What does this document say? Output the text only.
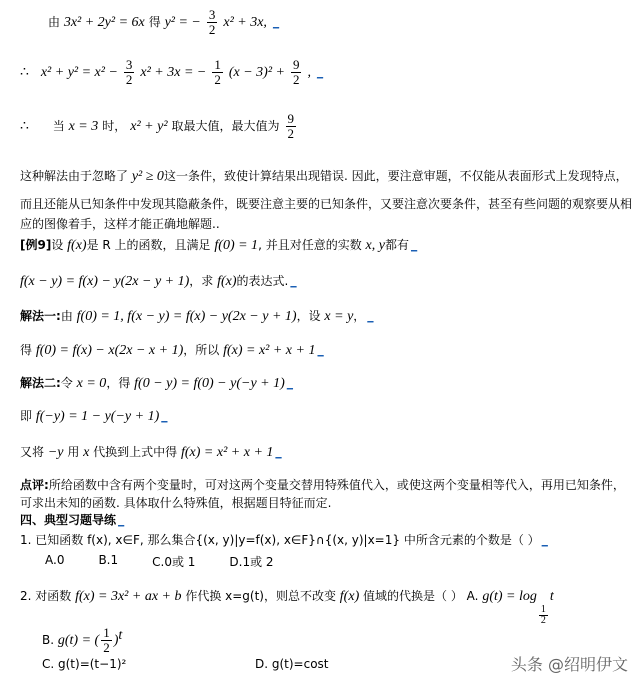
由 3x² + 2y² = 6x 得 y² = − $\frac{3}{2} x^2 + 3x$, _
∴ $x^2 + y^2 = x^2 - \frac{3}{2} x^2 + 3x$ = − $\frac{1}{2} (x - 3)^2 + \frac{9}{2}$ , _
∴ 当 x = 3 时， x² + y² 取最大值，最大值为 $\frac{9}{2}$
这种解法由于忽略了 y² ≥ 0这一条件，致使计算结果出现错误. 因此，要注意审题，不仅能从表面形式上发现特点，
而且还能从已知条件中发现其隐蔽条件，既要注意主要的已知条件，又要注意次要条件，甚至有些问题的观察要从相
应的图像着手，这样才能正确地解题..
[例9]设 f(x)是 R 上的函数，且满足 f(0) = 1, 并且对任意的实数 x, y都有 _
f(x − y) = f(x) − y(2x − y + 1)，求 f(x)的表达式. _
解法一:由 f(0) = 1, f(x − y) = f(x) − y(2x − y + 1)，设 x = y， _
得 f(0) = f(x) − x(2x − x + 1)，所以 f(x) = x² + x + 1 _
解法二:令 x = 0，得 f(0 − y) = f(0) − y(−y + 1) _
即 f(−y) = 1 − y(−y + 1) _
又将 −y 用 x 代换到上式中得 f(x) = x² + x + 1 _
点评:所给函数中含有两个变量时，可对这两个变量交替用特殊值代入，或使这两个变量相等代入，再用已知条件，
可求出未知的函数. 具体取什么特殊值，根据题目特征而定.
四、典型习题导练 _
1. 已知函数 f(x), x∈F, 那么集合{(x, y)|y=f(x), x∈F}∩{(x, y)|x=1} 中所含元素的个数是（ ） _
A.0	B.1	C.0或 1	D.1或 2
2. 对函数 f(x) = 3x² + ax + b 作代换 x=g(t)，则总不改变 f(x) 值域的代换是（ ） A. g(t) = log
$\frac{1}{2}$
t
B. g(t) = ( $\frac{1}{2} )^t$
C. g(t)=(t−1)²	D. g(t)=cost	头条 @绍明伊文
